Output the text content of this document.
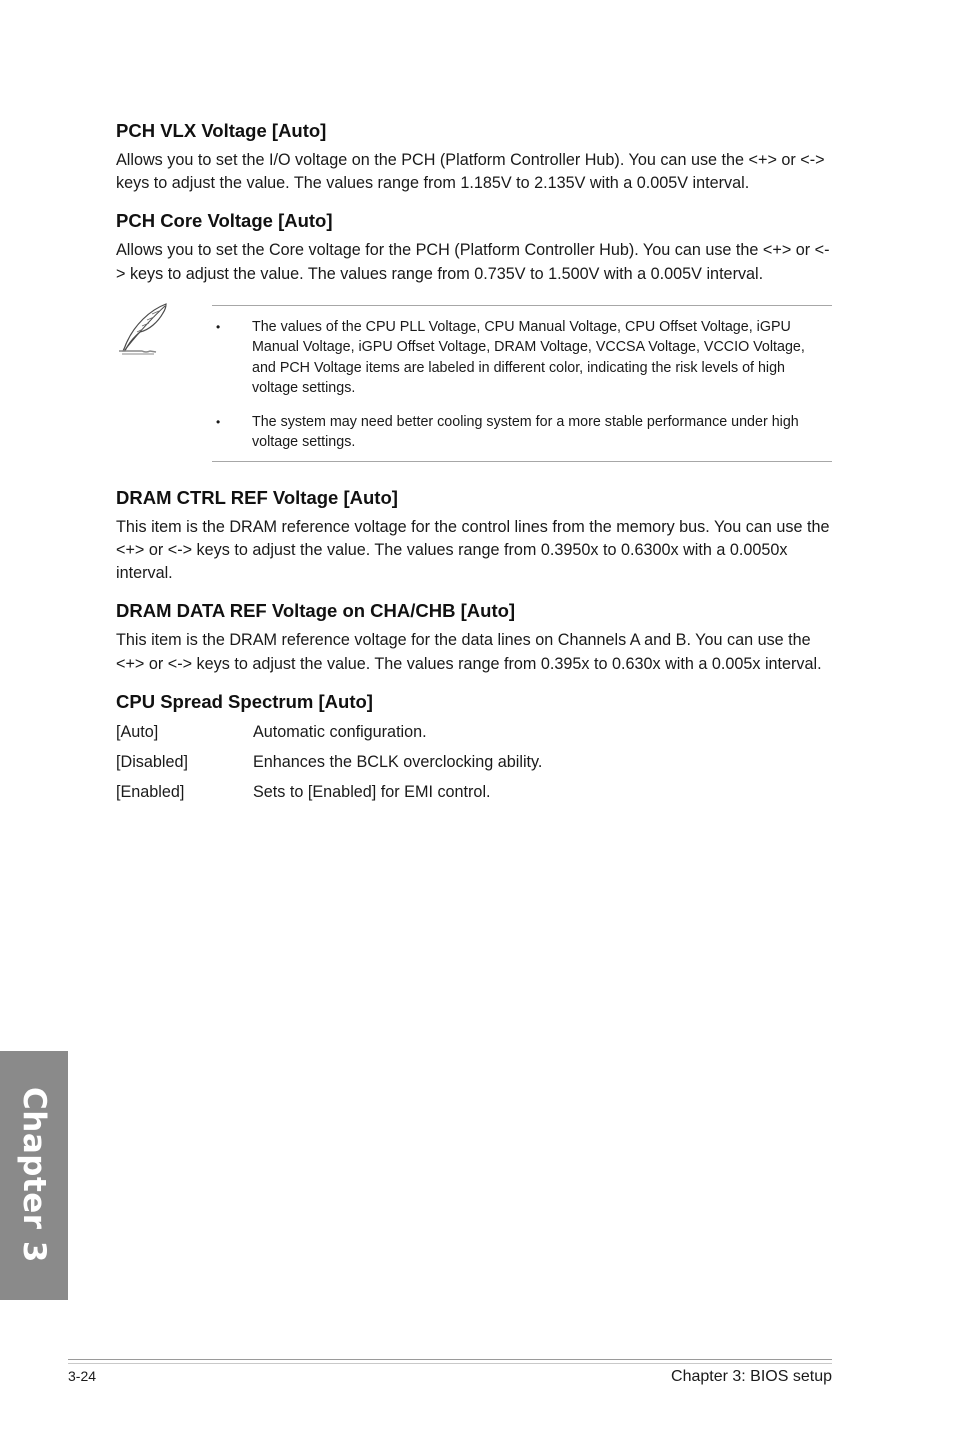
PCH VLX Voltage [Auto]

Allows you to set the I/O voltage on the PCH (Platform Controller Hub). You can use the <+> or <-> keys to adjust the value. The values range from 1.185V to 2.135V with a 0.005V interval.

PCH Core Voltage [Auto]

Allows you to set the Core voltage for the PCH (Platform Controller Hub). You can use the <+> or <-> keys to adjust the value. The values range from 0.735V to 1.500V with a 0.005V interval.

• The values of the CPU PLL Voltage, CPU Manual Voltage, CPU Offset Voltage, iGPU Manual Voltage, iGPU Offset Voltage, DRAM Voltage, VCCSA Voltage, VCCIO Voltage, and PCH Voltage items are labeled in different color, indicating the risk levels of high voltage settings.
• The system may need better cooling system for a more stable performance under high voltage settings.
DRAM CTRL REF Voltage [Auto]

This item is the DRAM reference voltage for the control lines from the memory bus. You can use the <+> or <-> keys to adjust the value. The values range from 0.3950x to 0.6300x with a 0.0050x interval.

DRAM DATA REF Voltage on CHA/CHB [Auto]

This item is the DRAM reference voltage for the data lines on Channels A and B. You can use the <+> or <-> keys to adjust the value. The values range from 0.395x to 0.630x with a 0.005x interval.

CPU Spread Spectrum [Auto]
[Auto]	Automatic configuration.
[Disabled]	Enhances the BCLK overclocking ability.
[Enabled]	Sets to [Enabled] for EMI control.
Chapter 3
3-24	Chapter 3: BIOS setup
